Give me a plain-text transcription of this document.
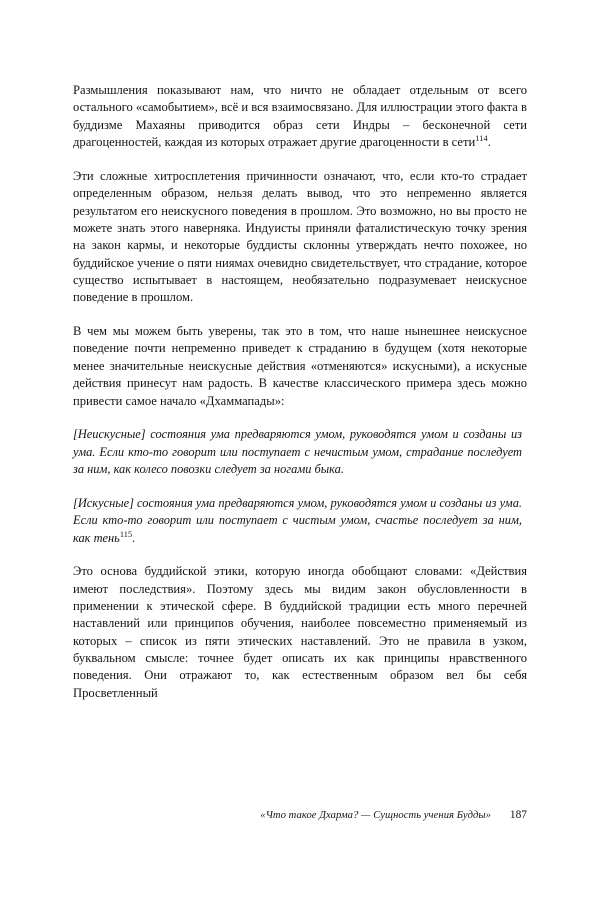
Размышления показывают нам, что ничто не обладает отдельным от всего остального «самобытием», всё и вся взаимосвязано. Для иллюстрации этого факта в буддизме Махаяны приводится образ сети Индры – бесконечной сети драгоценностей, каждая из которых отражает другие драгоценности в сети$^{114}$.

Эти сложные хитросплетения причинности означают, что, если кто-то страдает определенным образом, нельзя делать вывод, что это непременно является результатом его неискусного поведения в прошлом. Это возможно, но вы просто не можете знать этого наверняка. Индуисты приняли фаталистическую точку зрения на закон кармы, и некоторые буддисты склонны утверждать нечто похожее, но буддийское учение о пяти ниямах очевидно свидетельствует, что страдание, которое существо испытывает в настоящем, необязательно подразумевает неискусное поведение в прошлом.

В чем мы можем быть уверены, так это в том, что наше нынешнее неискусное поведение почти непременно приведет к страданию в будущем (хотя некоторые менее значительные неискусные действия «отменяются» искусными), а искусные действия принесут нам радость. В качестве классического примера здесь можно привести самое начало «Дхаммапады»:

[Неискусные] состояния ума предваряются умом, руководятся умом и созданы из ума. Если кто-то говорит или поступает с нечистым умом, страдание последует за ним, как колесо повозки следует за ногами быка.

[Искусные] состояния ума предваряются умом, руководятся умом и созданы из ума. Если кто-то говорит или поступает с чистым умом, счастье последует за ним, как тень$^{115}$.

Это основа буддийской этики, которую иногда обобщают словами: «Действия имеют последствия». Поэтому здесь мы видим закон обусловленности в применении к этической сфере. В буддийской традиции есть много перечней наставлений или принципов обучения, наиболее повсеместно применяемый из которых – список из пяти этических наставлений. Это не правила в узком, буквальном смысле: точнее будет описать их как принципы нравственного поведения. Они отражают то, как естественным образом вел бы себя Просветленный

«Что такое Дхарма? — Сущность учения Будды»	187
